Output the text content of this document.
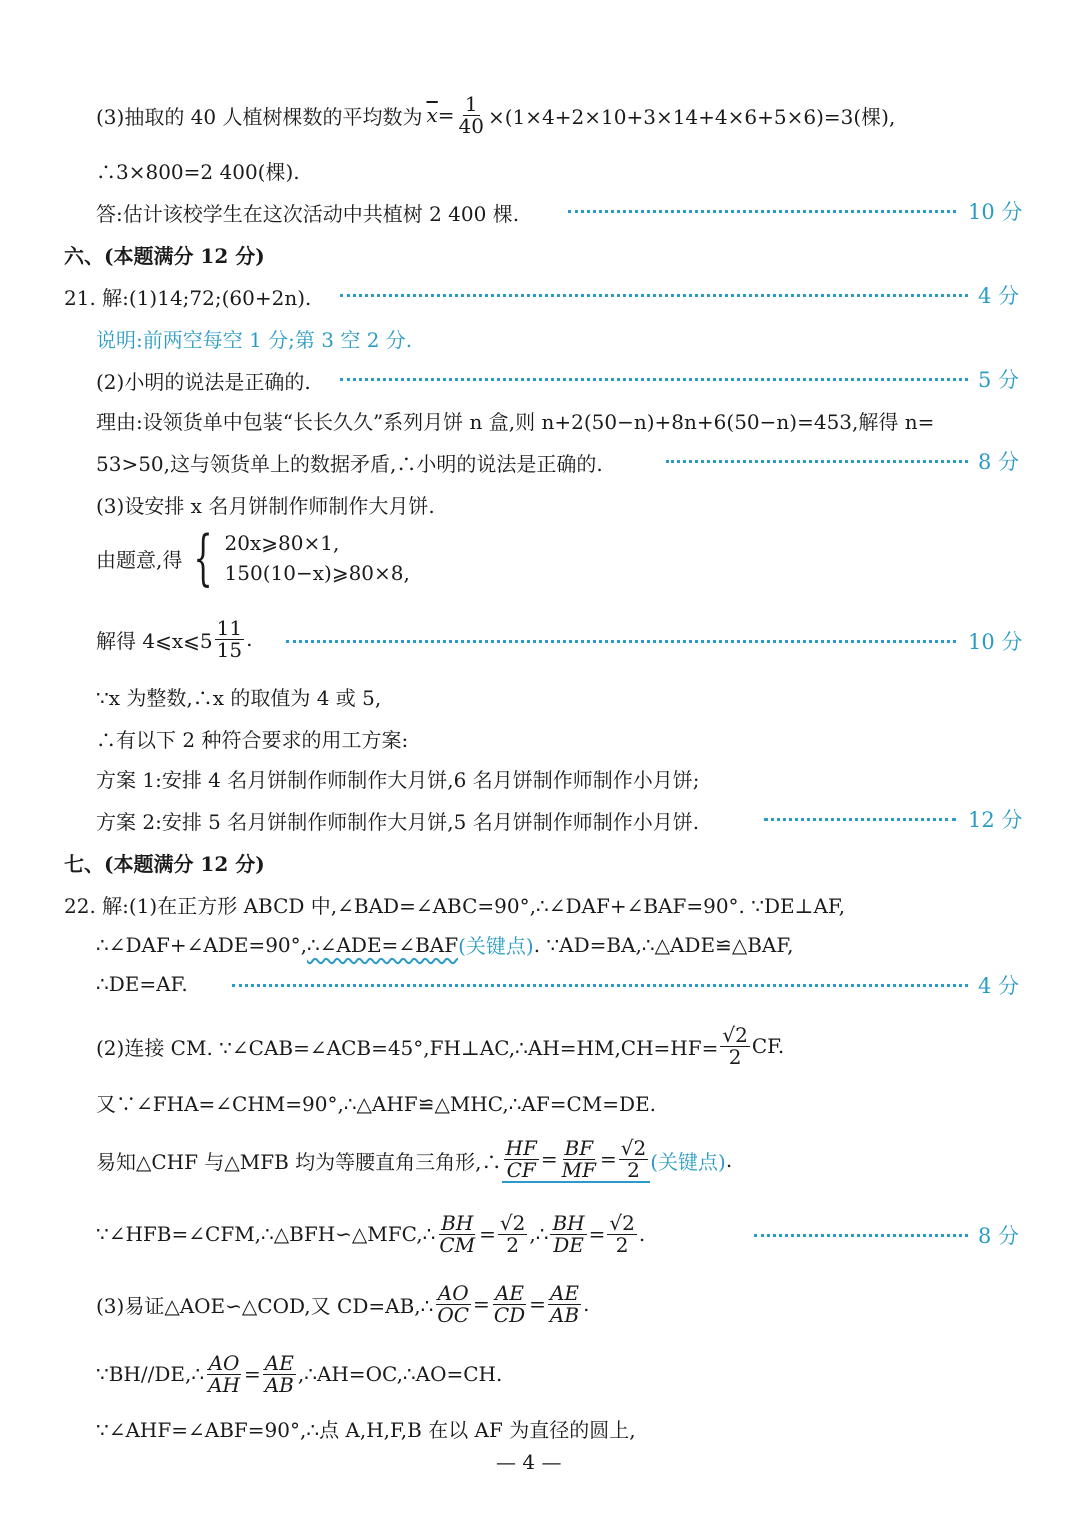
(3)抽取的 40 人植树棵数的平均数为 $\overline{x} = \frac{1}{40} \times(1\times 4+2\times 10+3\times 14+4\times 6+5\times 6)=3$(棵),
∴3×800=2 400(棵).
答:估计该校学生在这次活动中共植树 2 400 棵.	10 分
六、(本题满分 12 分)
21. 解:(1)14;72;(60+2n).	4 分
说明:前两空每空 1 分;第 3 空 2 分.
(2)小明的说法是正确的.	5 分
理由:设领货单中包装“长长久久”系列月饼 n 盒,则 n+2(50−n)+8n+6(50−n)=453,解得 n=
53>50,这与领货单上的数据矛盾,∴小明的说法是正确的.	8 分
(3)设安排 x 名月饼制作师制作大月饼.
由题意,得 { 20x⩾80×1,
150(10−x)⩾80×8,
解得 4⩽x⩽5 $\frac{11}{15}$ .	10 分
∵x 为整数,∴x 的取值为 4 或 5,
∴有以下 2 种符合要求的用工方案:
方案 1:安排 4 名月饼制作师制作大月饼,6 名月饼制作师制作小月饼;
方案 2:安排 5 名月饼制作师制作大月饼,5 名月饼制作师制作小月饼.	12 分
七、(本题满分 12 分)
22. 解:(1)在正方形 ABCD 中,∠BAD=∠ABC=90°,∴∠DAF+∠BAF=90°. ∵DE⊥AF,
∴∠DAF+∠ADE=90°, ∴∠ADE=∠BAF (关键点) . ∵AD=BA,∴△ADE≌△BAF,
∴DE=AF.	4 分
(2)连接 CM. ∵∠CAB=∠ACB=45°,FH⊥AC,∴AH=HM,CH=HF= $\frac{√2}{2}$ CF.
又∵∠FHA=∠CHM=90°,∴△AHF≌△MHC,∴AF=CM=DE.
易知△CHF 与△MFB 均为等腰直角三角形,∴ $\frac{HF}{CF} = \frac{BF}{MF} = \frac{√2}{2}$ (关键点) .
∵∠HFB=∠CFM,∴△BFH∽△MFC,∴ $\frac{BH}{CM} = \frac{√2}{2}$ ,∴ $\frac{BH}{DE} = \frac{√2}{2}$ .	8 分
(3)易证△AOE∽△COD,又 CD=AB,∴ $\frac{AO}{OC} = \frac{AE}{CD} = \frac{AE}{AB}$ .
∵BH//DE,∴ $\frac{AO}{AH} = \frac{AE}{AB}$ ,∴AH=OC,∴AO=CH.
∵∠AHF=∠ABF=90°,∴点 A,H,F,B 在以 AF 为直径的圆上,
— 4 —
